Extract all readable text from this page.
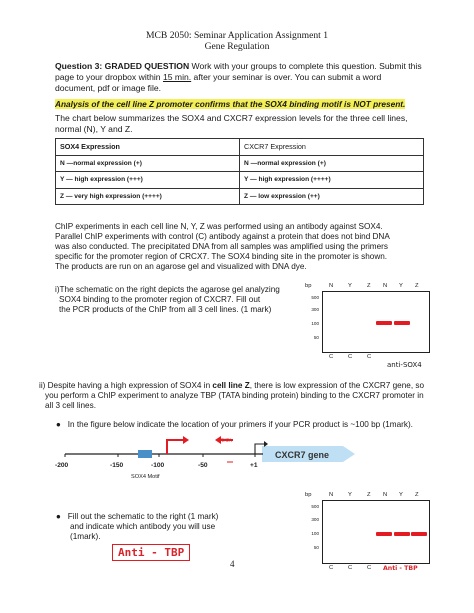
MCB 2050: Seminar Application Assignment 1
Gene Regulation
Question 3: GRADED QUESTION Work with your groups to complete this question. Submit this
page to your dropbox within 15 min. after your seminar is over. You can submit a word
document, pdf or image file.
Analysis of the cell line Z promoter confirms that the SOX4 binding motif is NOT present.
The chart below summarizes the SOX4 and CXCR7 expression levels for the three cell lines,
normal (N), Y and Z.
SOX4 Expression	CXCR7 Expression
N —normal expression (+)	N —normal expression (+)
Y — high expression (+++)	Y — high expression (++++)
Z — very high expression (++++)	Z — low expression (++)
ChIP experiments in each cell line N, Y, Z was performed using an antibody against SOX4.
Parallel ChIP experiments with control (C) antibody against a protein that does not bind DNA
was also conducted. The precipitated DNA from all samples was amplified using the primers
specific for the promoter region of CRCX7. The SOX4 binding site in the promoter is shown.
The products are run on an agarose gel and visualized with DNA dye.
i)The schematic on the right depicts the agarose gel analyzing
SOX4 binding to the promoter region of CXCR7. Fill out
the PCR products of the ChIP from all 3 cell lines. (1 mark)
bp	N	Y	Z N Y Z
500
300
100
50
C	C	C
anti-SOX4
ii) Despite having a high expression of SOX4 in cell line Z, there is low expression of the CXCR7 gene, so
you perform a ChIP experiment to analyze TBP (TATA binding protein) binding to the CXCR7 promoter in
all 3 cell lines.
● In the figure below indicate the location of your primers if your PCR product is ~100 bp (1mark).
TATA
CXCR7 gene
-200	-150	-100	-50	+1
SOX4 Motif
● Fill out the schematic to the right (1 mark)
and indicate which antibody you will use
(1mark).
Anti - TBP
bp	N	Y	Z N Y Z
500
300
100
50
C	C	C Anti - TBP
4
